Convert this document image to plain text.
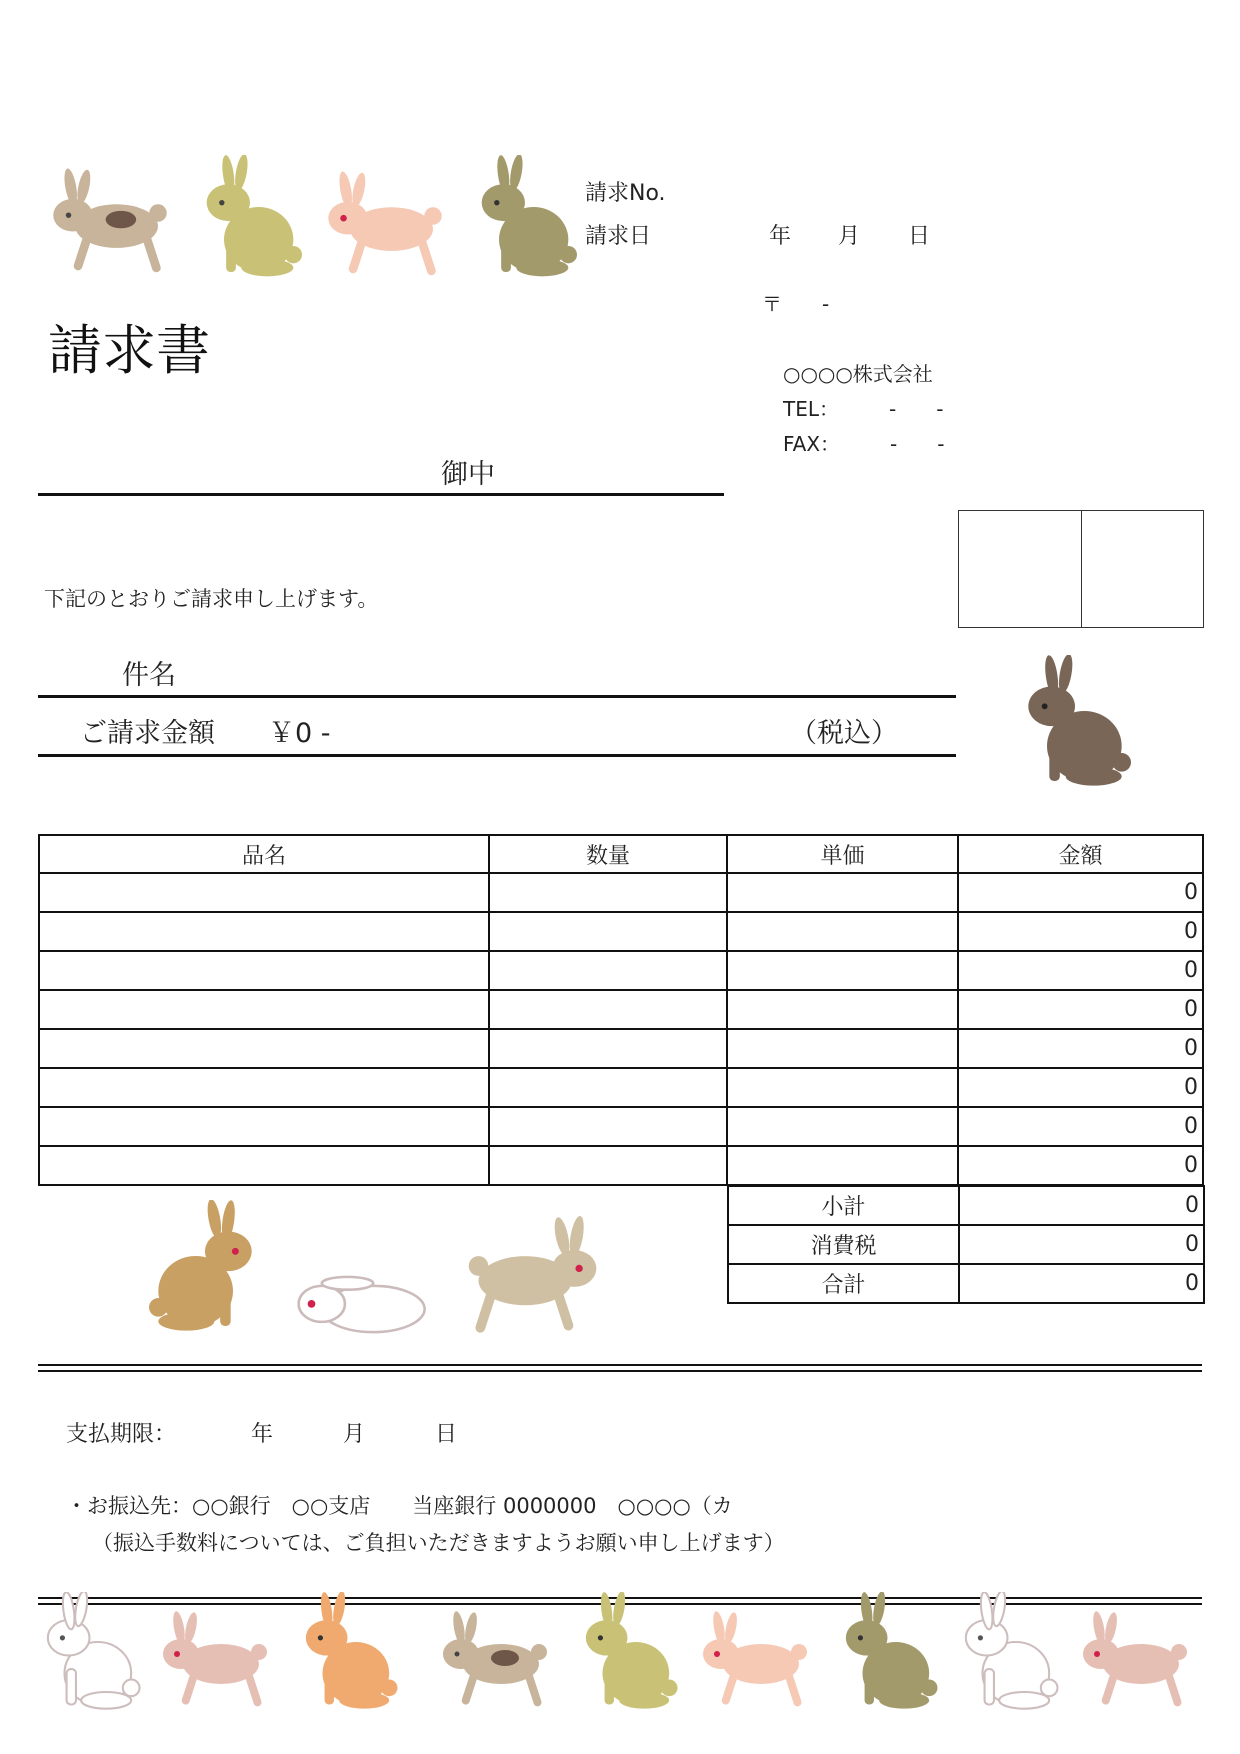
請求No.
請求日	年 月 日
〒　　-
○○○○株式会社
TEL：　　　-　　-
FAX：　　　-　　-
請求書
御中
下記のとおりご請求申し上げます。
件名
ご請求金額 ￥0 -	（税込）
品名	数量	単価	金額
			0
			0
			0
			0
			0
			0
			0
			0
小計	0
消費税	0
合計	0
支払期限：	年	月	日
・お振込先：○○銀行　○○支店　　当座銀行 0000000　○○○○（カ
（振込手数料については、ご負担いただきますようお願い申し上げます）
